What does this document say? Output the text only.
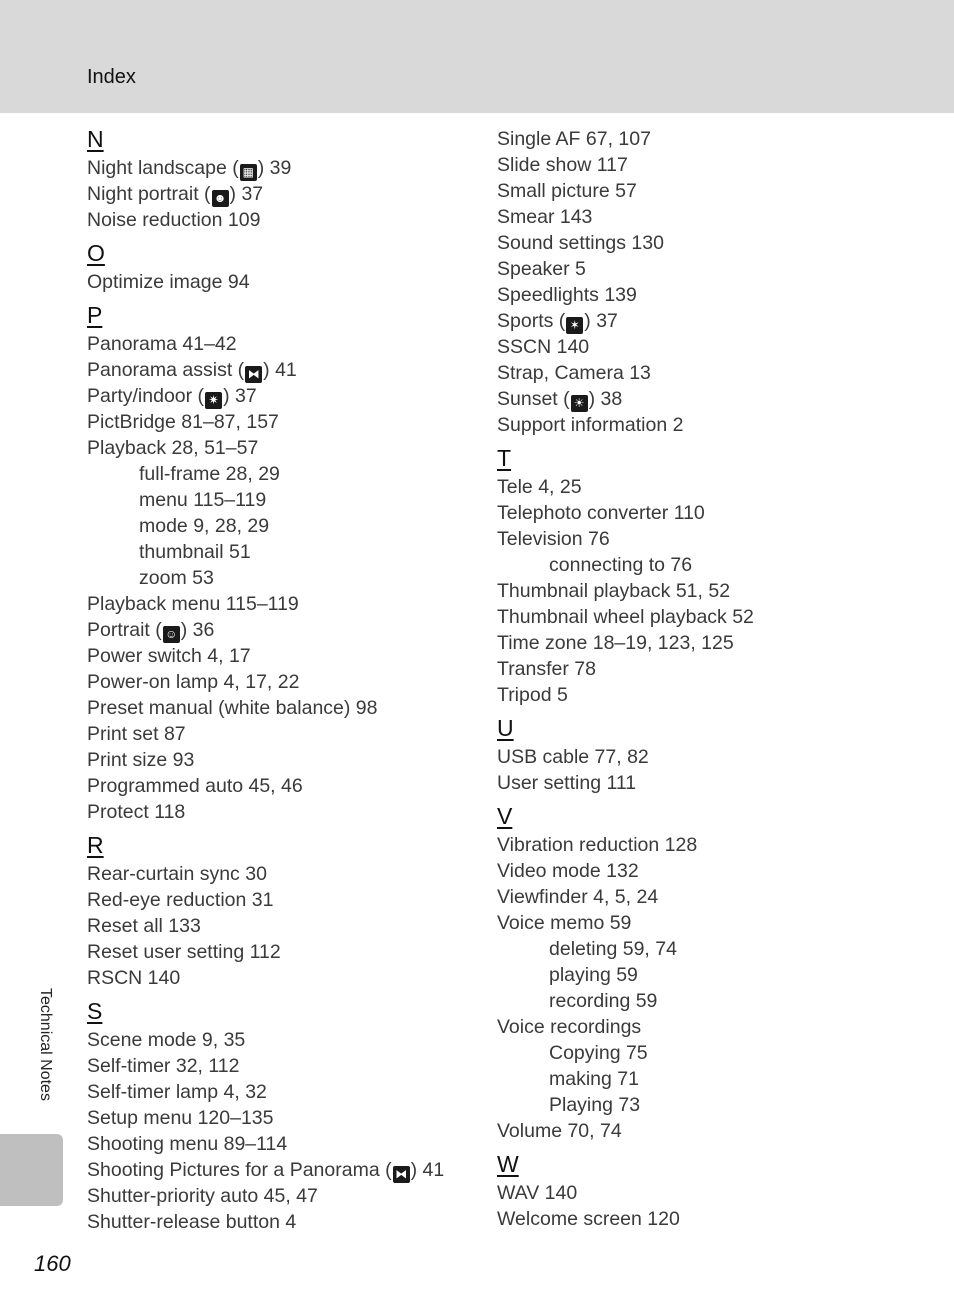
Index
N
Night landscape ( ▦ ) 39
Night portrait ( ☻ ) 37
Noise reduction 109
O
Optimize image 94
P
Panorama 41–42
Panorama assist ( ⧓ ) 41
Party/indoor ( ✷ ) 37
PictBridge 81–87, 157
Playback 28, 51–57
full-frame 28, 29
menu 115–119
mode 9, 28, 29
thumbnail 51
zoom 53
Playback menu 115–119
Portrait ( ☺ ) 36
Power switch 4, 17
Power-on lamp 4, 17, 22
Preset manual (white balance) 98
Print set 87
Print size 93
Programmed auto 45, 46
Protect 118
R
Rear-curtain sync 30
Red-eye reduction 31
Reset all 133
Reset user setting 112
RSCN 140
S
Scene mode 9, 35
Self-timer 32, 112
Self-timer lamp 4, 32
Setup menu 120–135
Shooting menu 89–114
Shooting Pictures for a Panorama ( ⧓ ) 41
Shutter-priority auto 45, 47
Shutter-release button 4
Single AF 67, 107
Slide show 117
Small picture 57
Smear 143
Sound settings 130
Speaker 5
Speedlights 139
Sports ( ✶ ) 37
SSCN 140
Strap, Camera 13
Sunset ( ☀ ) 38
Support information 2
T
Tele 4, 25
Telephoto converter 110
Television 76
connecting to 76
Thumbnail playback 51, 52
Thumbnail wheel playback 52
Time zone 18–19, 123, 125
Transfer 78
Tripod 5
U
USB cable 77, 82
User setting 111
V
Vibration reduction 128
Video mode 132
Viewfinder 4, 5, 24
Voice memo 59
deleting 59, 74
playing 59
recording 59
Voice recordings
Copying 75
making 71
Playing 73
Volume 70, 74
W
WAV 140
Welcome screen 120
Technical Notes
160
